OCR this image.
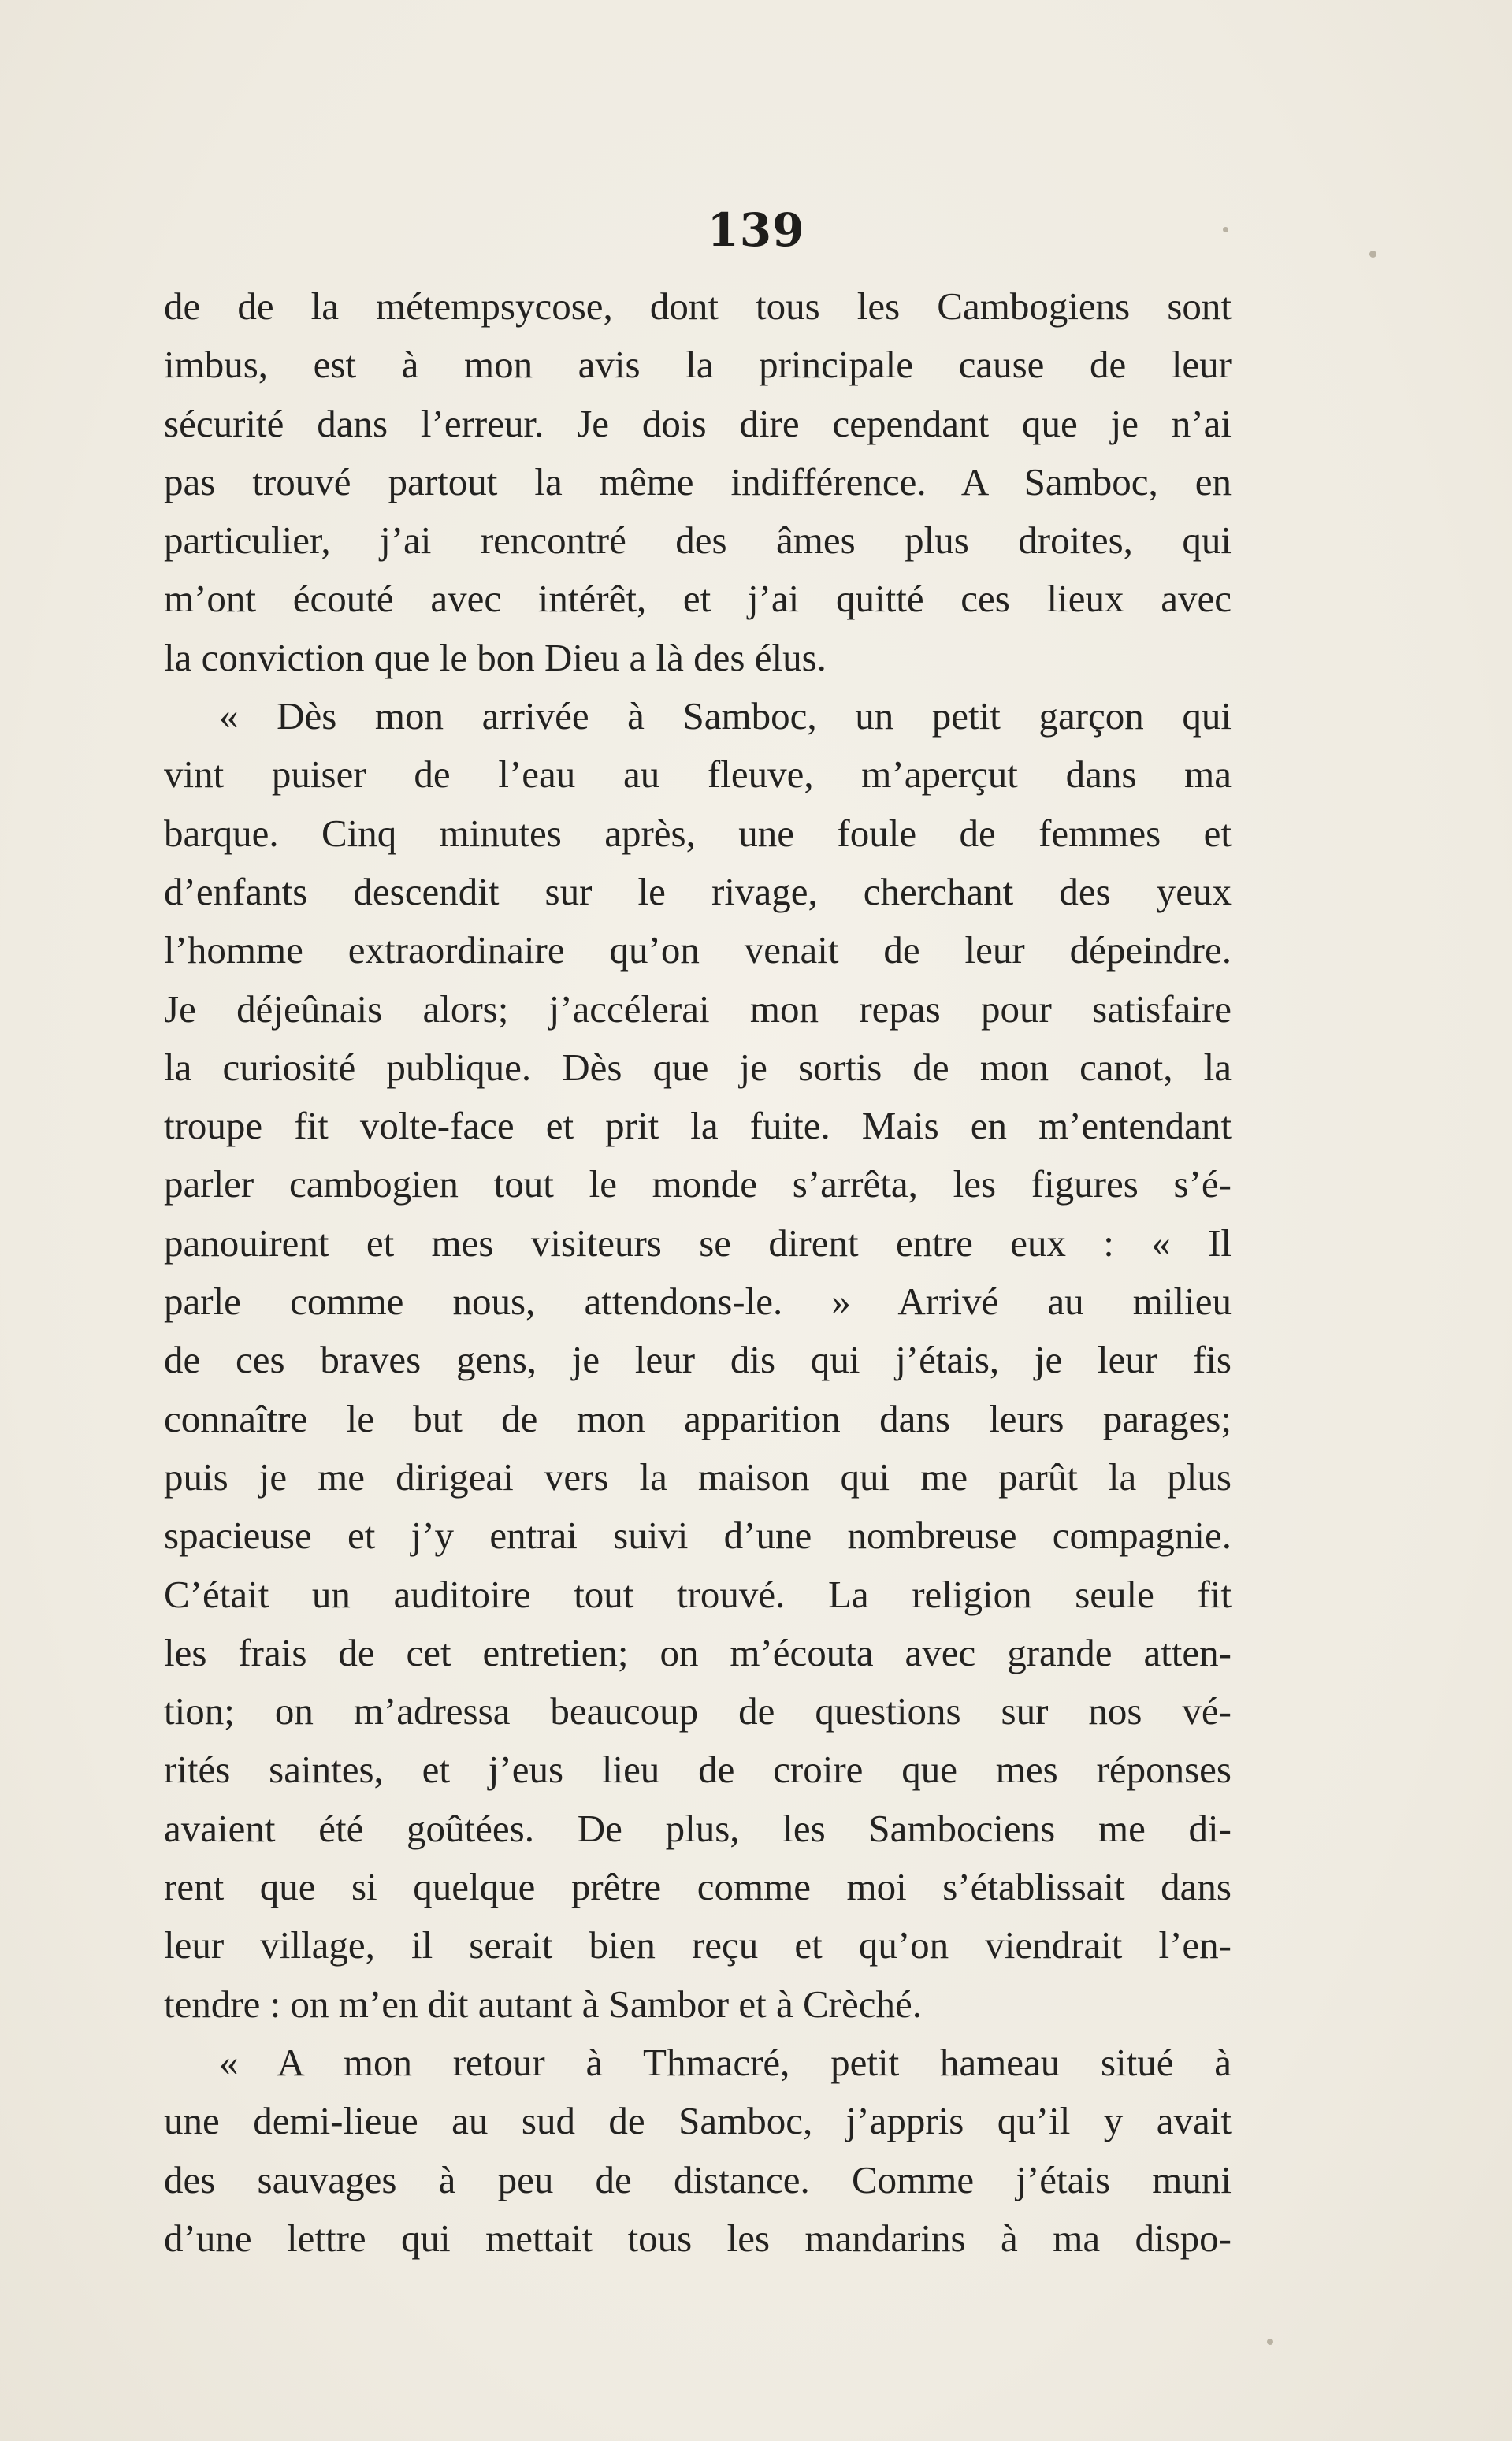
139
de de la métempsycose, dont tous les Cambogiens sont
imbus, est à mon avis la principale cause de leur
sécurité dans l’erreur. Je dois dire cependant que je n’ai
pas trouvé partout la même indifférence. A Samboc, en
particulier, j’ai rencontré des âmes plus droites, qui
m’ont écouté avec intérêt, et j’ai quitté ces lieux avec
la conviction que le bon Dieu a là des élus.
« Dès mon arrivée à Samboc, un petit garçon qui
vint puiser de l’eau au fleuve, m’aperçut dans ma
barque. Cinq minutes après, une foule de femmes et
d’enfants descendit sur le rivage, cherchant des yeux
l’homme extraordinaire qu’on venait de leur dépeindre.
Je déjeûnais alors; j’accélerai mon repas pour satisfaire
la curiosité publique. Dès que je sortis de mon canot, la
troupe fit volte-face et prit la fuite. Mais en m’entendant
parler cambogien tout le monde s’arrêta, les figures s’é-
panouirent et mes visiteurs se dirent entre eux : « Il
parle comme nous, attendons-le. » Arrivé au milieu
de ces braves gens, je leur dis qui j’étais, je leur fis
connaître le but de mon apparition dans leurs parages;
puis je me dirigeai vers la maison qui me parût la plus
spacieuse et j’y entrai suivi d’une nombreuse compagnie.
C’était un auditoire tout trouvé. La religion seule fit
les frais de cet entretien; on m’écouta avec grande atten-
tion; on m’adressa beaucoup de questions sur nos vé-
rités saintes, et j’eus lieu de croire que mes réponses
avaient été goûtées. De plus, les Sambociens me di-
rent que si quelque prêtre comme moi s’établissait dans
leur village, il serait bien reçu et qu’on viendrait l’en-
tendre : on m’en dit autant à Sambor et à Crèché.
« A mon retour à Thmacré, petit hameau situé à
une demi-lieue au sud de Samboc, j’appris qu’il y avait
des sauvages à peu de distance. Comme j’étais muni
d’une lettre qui mettait tous les mandarins à ma dispo-
